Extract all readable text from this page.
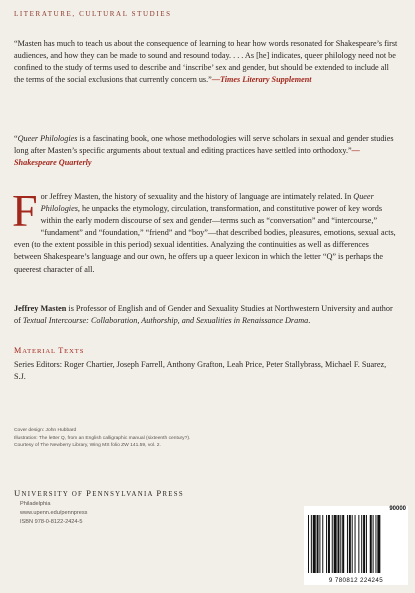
LITERATURE, CULTURAL STUDIES
“Masten has much to teach us about the consequence of learning to hear how words resonated for Shakespeare’s first audiences, and how they can be made to sound and resound today. . . . As [he] indicates, queer philology need not be confined to the study of terms used to describe and ‘inscribe’ sex and gender, but should be extended to include all the terms of the social exclusions that currently concern us.”—Times Literary Supplement
“Queer Philologies is a fascinating book, one whose methodologies will serve scholars in sexual and gender studies long after Masten’s specific arguments about textual and editing practices have settled into orthodoxy.”—Shakespeare Quarterly
For Jeffrey Masten, the history of sexuality and the history of language are intimately related. In Queer Philologies, he unpacks the etymology, circulation, transformation, and constitutive power of key words within the early modern discourse of sex and gender—terms such as “conversation” and “intercourse,” “fundament” and “foundation,” “friend” and “boy”—that described bodies, pleasures, emotions, sexual acts, even (to the extent possible in this period) sexual identities. Analyzing the continuities as well as differences between Shakespeare’s language and our own, he offers up a queer lexicon in which the letter “Q” is perhaps the queerest character of all.
Jeffrey Masten is Professor of English and of Gender and Sexuality Studies at Northwestern University and author of Textual Intercourse: Collaboration, Authorship, and Sexualities in Renaissance Drama.
MATERIAL TEXTS
Series Editors: Roger Chartier, Joseph Farrell, Anthony Grafton, Leah Price, Peter Stallybrass, Michael F. Suarez, S.J.
Cover design: John Hubbard
Illustration: The letter Q, from an English calligraphic manual (sixteenth century?).
Courtesy of The Newberry Library, Wing MS folio ZW 141.59, vol. 2.
UNIVERSITY OF PENNSYLVANIA PRESS
Philadelphia
www.upenn.edu/pennpress
ISBN 978-0-8122-2424-5
90000
9 780812 224245
